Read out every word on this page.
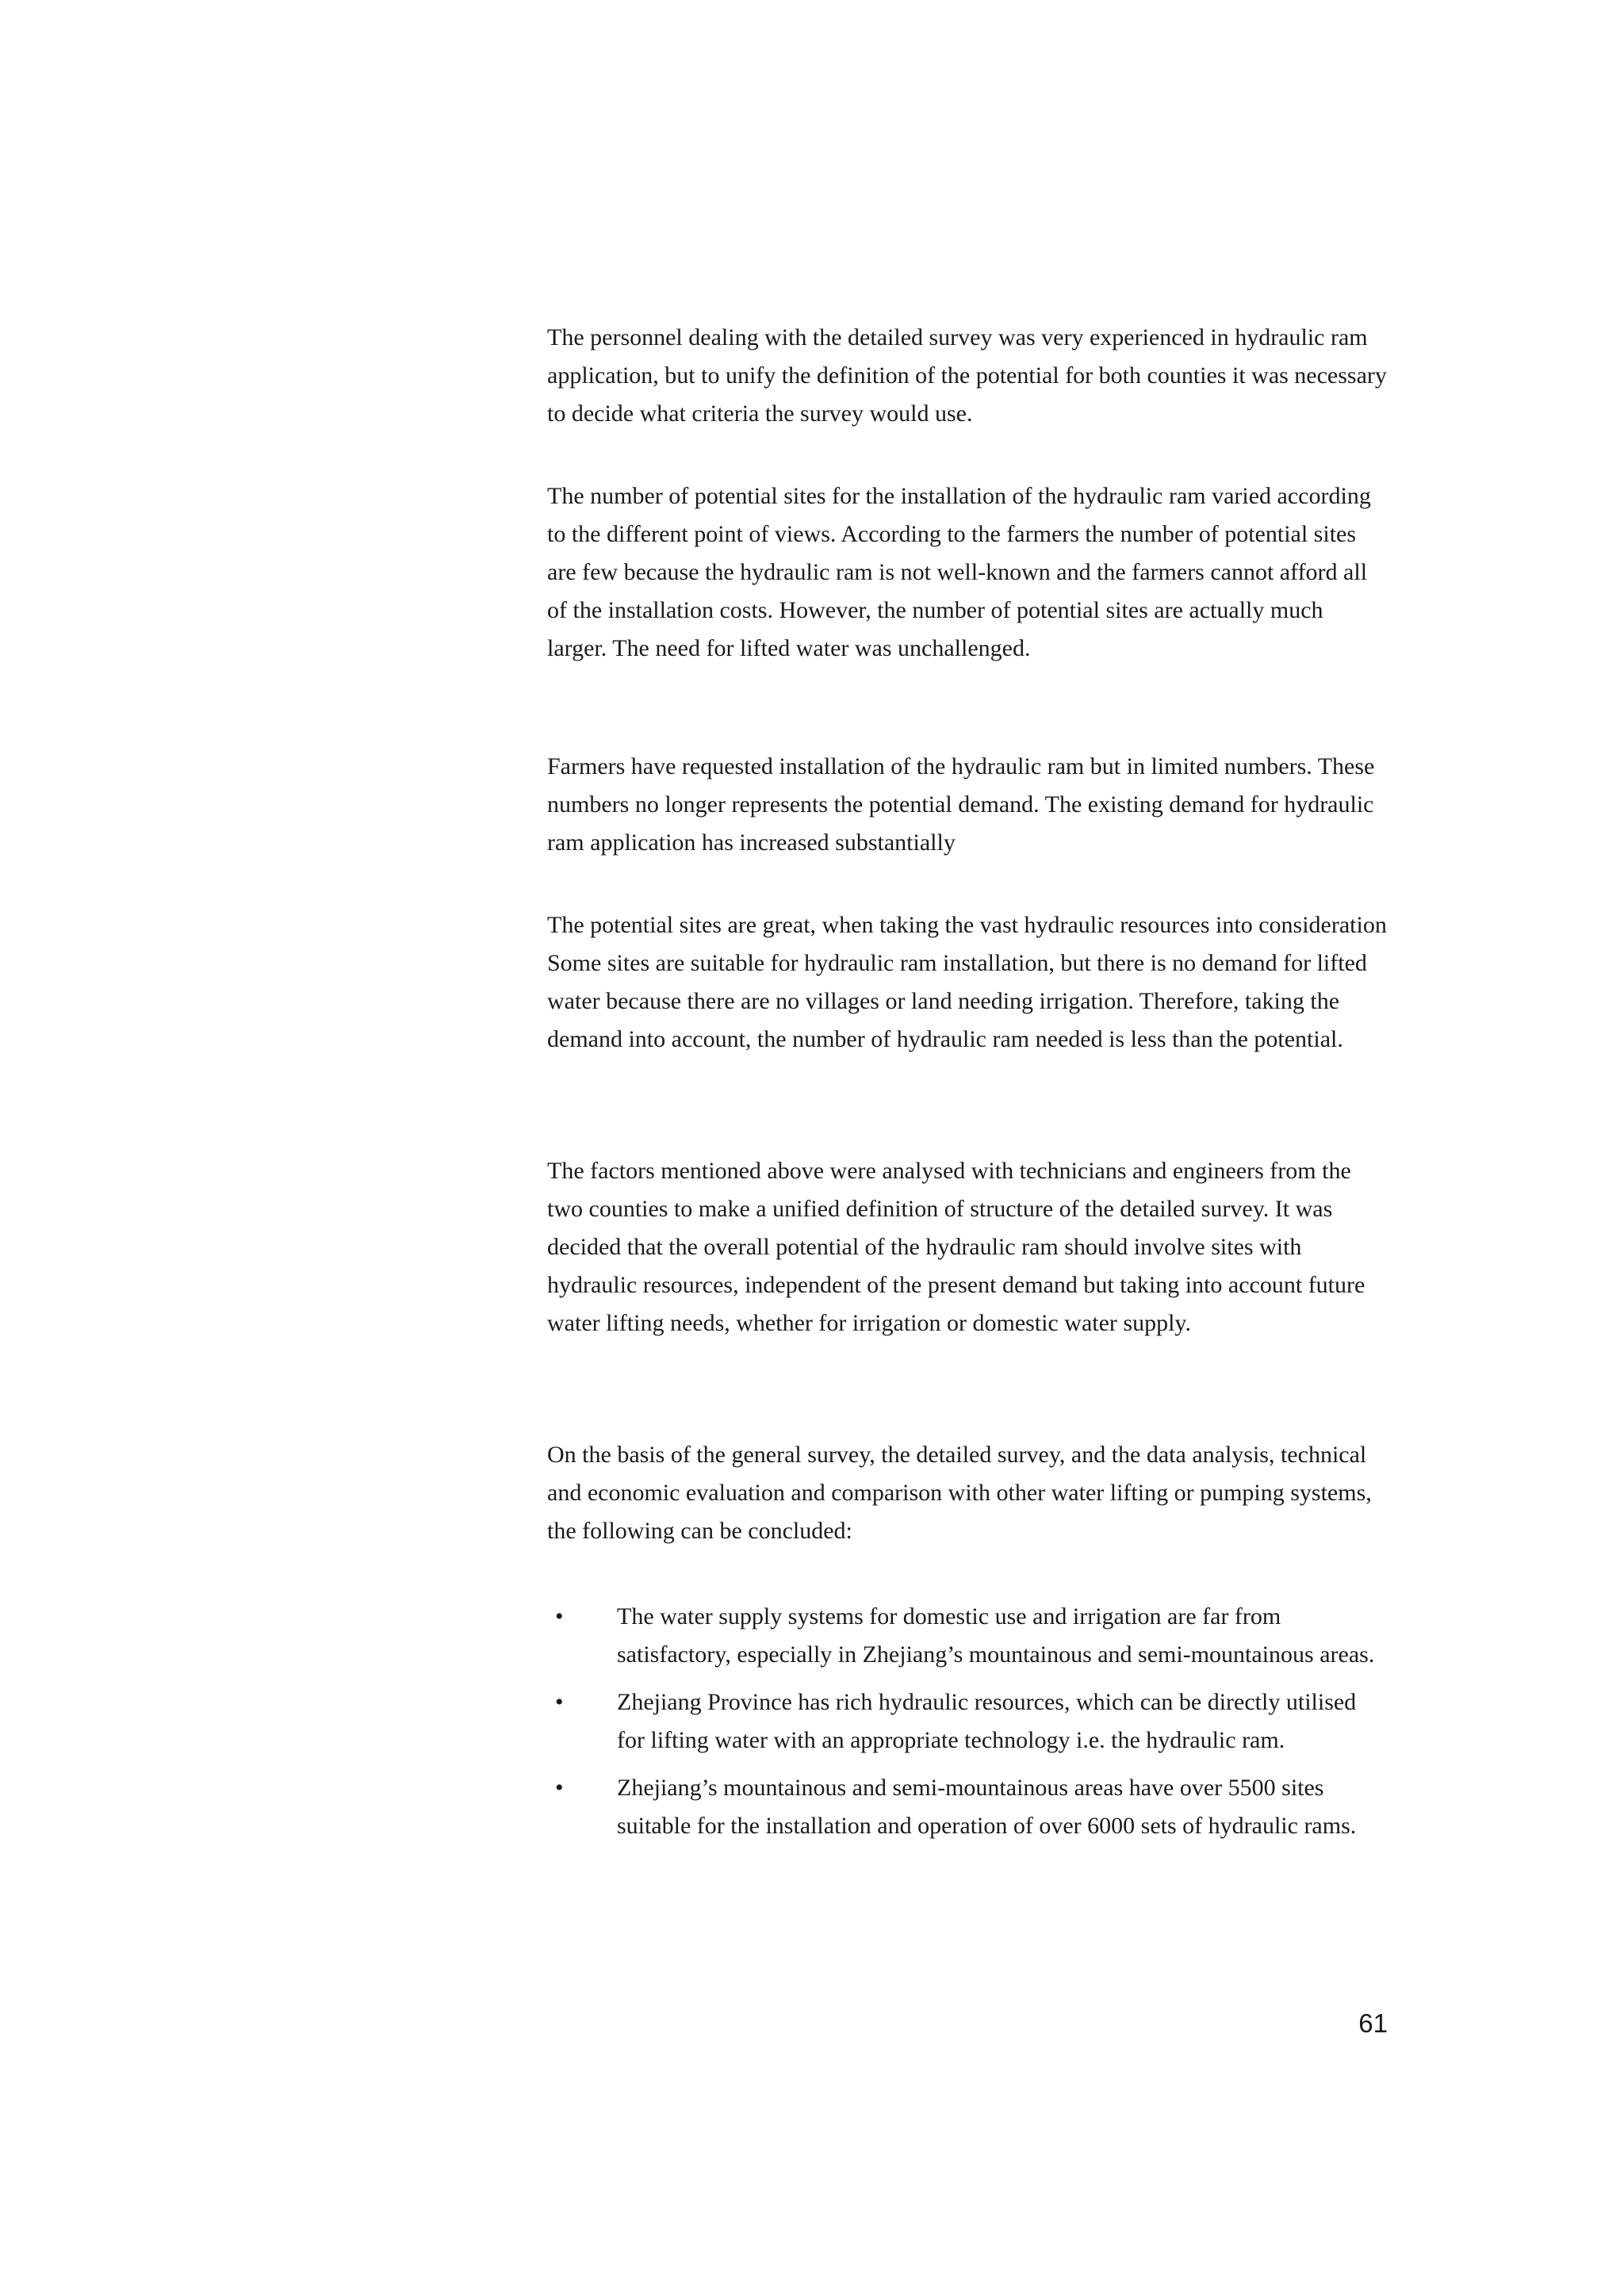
The personnel dealing with the detailed survey was very experienced in hydraulic ram application, but to unify the definition of the potential for both counties it was necessary to decide what criteria the survey would use.

The number of potential sites for the installation of the hydraulic ram varied according to the different point of views. According to the farmers the number of potential sites are few because the hydraulic ram is not well-known and the farmers cannot afford all of the installation costs. However, the number of potential sites are actually much larger. The need for lifted water was unchallenged.

Farmers have requested installation of the hydraulic ram but in limited numbers. These numbers no longer represents the potential demand. The existing demand for hydraulic ram application has increased substantially

The potential sites are great, when taking the vast hydraulic resources into consideration Some sites are suitable for hydraulic ram installation, but there is no demand for lifted water because there are no villages or land needing irrigation. Therefore, taking the demand into account, the number of hydraulic ram needed is less than the potential.

The factors mentioned above were analysed with technicians and engineers from the two counties to make a unified definition of structure of the detailed survey. It was decided that the overall potential of the hydraulic ram should involve sites with hydraulic resources, independent of the present demand but taking into account future water lifting needs, whether for irrigation or domestic water supply.

On the basis of the general survey, the detailed survey, and the data analysis, technical and economic evaluation and comparison with other water lifting or pumping systems, the following can be concluded:

• The water supply systems for domestic use and irrigation are far from satisfactory, especially in Zhejiang’s mountainous and semi-mountainous areas.
• Zhejiang Province has rich hydraulic resources, which can be directly utilised for lifting water with an appropriate technology i.e. the hydraulic ram.
• Zhejiang’s mountainous and semi-mountainous areas have over 5500 sites suitable for the installation and operation of over 6000 sets of hydraulic rams.
61
